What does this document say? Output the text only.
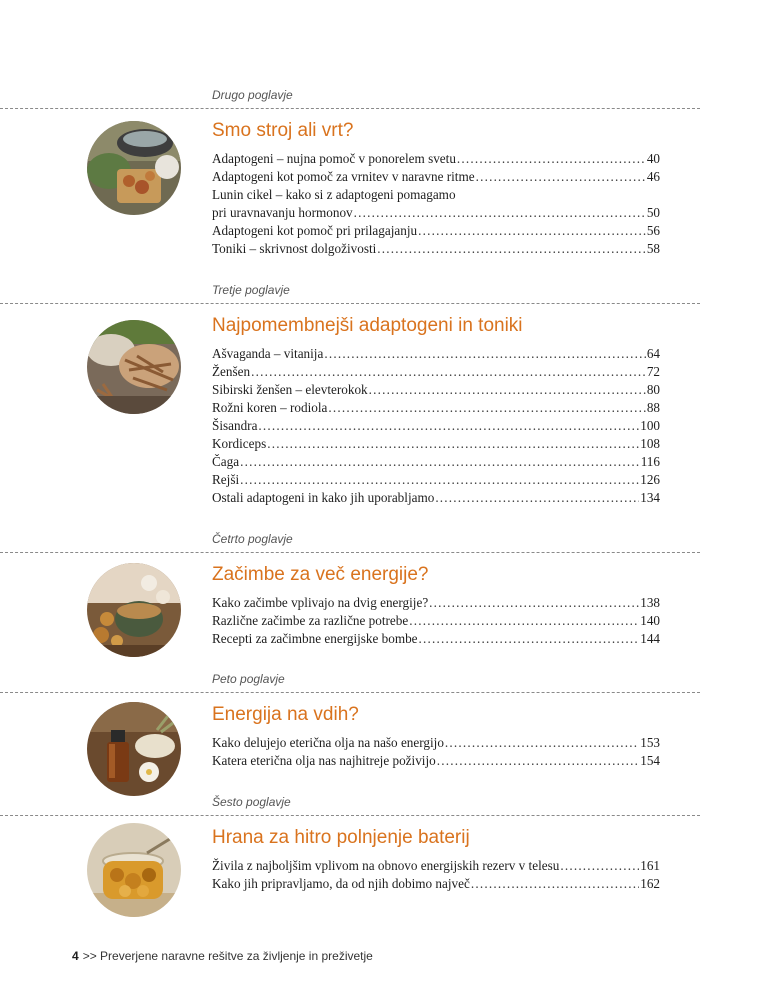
Drugo poglavje
Smo stroj ali vrt?
Adaptogeni – nujna pomoč v ponorelem svetu .....	40
Adaptogeni kot pomoč za vrnitev v naravne ritme .....	46
Lunin cikel – kako si z adaptogeni pomagamo
pri uravnavanju hormonov .....	50
Adaptogeni kot pomoč pri prilagajanju .....	56
Toniki – skrivnost dolgoživosti .....	58
Tretje poglavje
Najpomembnejši adaptogeni in toniki
Ašvaganda – vitanija .....	64
Ženšen .....	72
Sibirski ženšen – elevterokok .....	80
Rožni koren – rodiola .....	88
Šisandra .....	100
Kordiceps .....	108
Čaga .....	116
Rejši .....	126
Ostali adaptogeni in kako jih uporabljamo .....	134
Četrto poglavje
Začimbe za več energije?
Kako začimbe vplivajo na dvig energije? .....	138
Različne začimbe za različne potrebe .....	140
Recepti za začimbne energijske bombe .....	144
Peto poglavje
Energija na vdih?
Kako delujejo eterična olja na našo energijo .....	153
Katera eterična olja nas najhitreje poživijo .....	154
Šesto poglavje
Hrana za hitro polnjenje baterij
Živila z najboljšim vplivom na obnovo energijskih rezerv v telesu .....	161
Kako jih pripravljamo, da od njih dobimo največ .....	162
4 >> Preverjene naravne rešitve za življenje in preživetje
